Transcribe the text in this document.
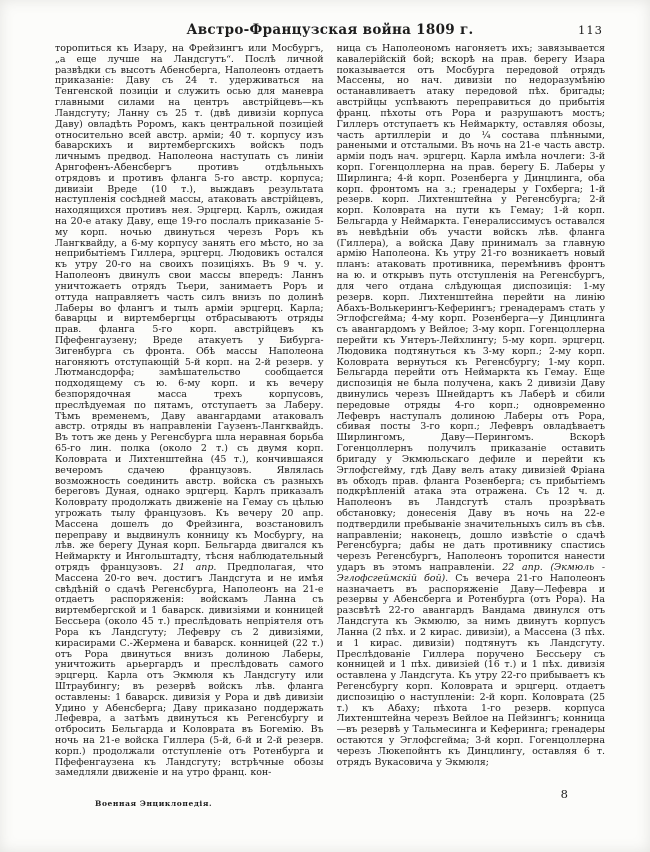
Австро-Французская война 1809 г.	113
торопиться къ Изару, на Фрейзингъ или Мосбургъ, „а еще лучше на Ландсгутъ“. Послѣ личной развѣдки съ высотъ Абенсберга, Наполеонъ отдаетъ приказаніе: Даву съ 24 т. удерживаться на Тенгенской позиціи и служить осью для маневра главными силами на центръ австрійцевъ—къ Ландсгуту; Ланну съ 25 т. (двѣ дивизіи корпуса Даву) овладѣть Роромъ, какъ центральной позиціей относительно всей австр. арміи; 40 т. корпусу изъ баварскихъ и виртембергскихъ войскъ подъ личнымъ предвод. Наполеона наступать съ линіи Арнгофенъ-Абенсбергъ противъ отдѣльныхъ отрядовъ и противъ фланга 5-го австр. корпуса; дивизіи Вреде (10 т.), выждавъ результата наступленія сосѣдней массы, атаковать австрійцевъ, находящихся противъ нея. Эрцгерц. Карлъ, ожидая на 20-е атаку Даву, еще 19-го послалъ приказаніе 5-му корп. ночью двинуться черезъ Роръ къ Лангквайду, а 6-му корпусу занять его мѣсто, но за неприбытіемъ Гиллера, эрцгерц. Людовикъ остался къ утру 20-го на своихъ позиціяхъ. Въ 9 ч. у. Наполеонъ двинулъ свои массы впередъ: Ланнъ уничтожаетъ отрядъ Тьери, занимаетъ Роръ и оттуда направляетъ часть силъ внизъ по долинѣ Лаберы во флангъ и тылъ арміи эрцгерц. Карла; баварцы и виртембергцы отбрасываютъ отряды прав. фланга 5-го корп. австрійцевъ къ Пфефенгаузену; Вреде атакуетъ у Бибурга-Зигенбурга съ фронта. Обѣ массы Наполеона нагоняютъ отступающій 5-й корп. на 2-й резерв. у Лютмансдорфа; замѣшательство сообщается подходящему съ ю. 6-му корп. и къ вечеру безпорядочная масса трехъ корпусовъ, преслѣдуемая по пятамъ, отступаетъ за Лаберу. Тѣмъ временемъ, Даву авангардами атаковалъ австр. отряды въ направленіи Гаузенъ-Лангквайдъ. Въ тотъ же день у Регенсбурга шла неравная борьба 65-го лин. полка (около 2 т.) съ двумя корп. Коловрата и Лихтенштейна (45 т.), кончившаяся вечеромъ сдачею французовъ. Являлась возможность соединить австр. войска съ разныхъ береговъ Дуная, однако эрцгерц. Карлъ приказалъ Коловрату продолжать движеніе на Гемау съ цѣлью угрожать тылу французовъ. Къ вечеру 20 апр. Массена дошелъ до Фрейзинга, возстановилъ переправу и выдвинулъ конницу къ Мосбургу, на лѣв. же берегу Дуная корп. Бельгарда двигался къ Неймаркту и Ингольштадту, тѣсня наблюдательный отрядъ французовъ. 21 апр. Предполагая, что Массена 20-го веч. достигъ Ландсгута и не имѣя свѣдѣній о сдачѣ Регенсбурга, Наполеонъ на 21-е отдаетъ распоряженія: войскамъ Ланна съ виртембергской и 1 баварск. дивизіями и конницей Бессьера (около 45 т.) преслѣдовать непріятеля отъ Рора къ Ландсгуту; Лефевру съ 2 дивизіями, кирасирами С.-Жермена и баварск. конницей (22 т.) отъ Рора двинуться внизъ долиною Лаберы, уничтожить арьергардъ и преслѣдовать самого эрцгерц. Карла отъ Экмюля къ Ландсгуту или Штраубингу; въ резервѣ войскъ лѣв. фланга оставлены: 1 баварск. дивизія у Рора и двѣ дивизіи Удино у Абенсберга; Даву приказано поддержать Лефевра, а затѣмъ двинуться къ Регенсбургу и отбросить Бельгарда и Коловрата въ Богемію. Въ ночь на 21-е войска Гиллера (5-й, 6-й и 2-й резерв. корп.) продолжали отступленіе отъ Ротенбурга и Пфефенгаузена къ Ландсгуту; встрѣчные обозы замедляли движеніе и на утро франц. кон-
ница съ Наполеономъ нагоняетъ ихъ; завязывается кавалерійскій бой; вскорѣ на прав. берегу Изара показывается отъ Мосбурга передовой отрядъ Массены, но нач. дивизіи по недоразумѣнію останавливаетъ атаку передовой пѣх. бригады; австрійцы успѣваютъ переправиться до прибытія франц. пѣхоты отъ Рора и разрушаютъ мостъ; Гиллеръ отступаетъ къ Неймаркту, оставляя обозы, часть артиллеріи и до ¼ состава плѣнными, ранеными и отсталыми. Въ ночь на 21-е часть австр. арміи подъ нач. эрцгерц. Карла имѣла ночлеги: 3-й корп. Гогенцоллерна на прав. берегу Б. Лаберы у Ширлинга; 4-й корп. Розенберга у Динцлинга, оба корп. фронтомъ на з.; гренадеры у Гохберга; 1-й резерв. корп. Лихтенштейна у Регенсбурга; 2-й корп. Коловрата на пути къ Гемау; 1-й корп. Бельгарда у Неймаркта. Генералиссимусъ оставался въ невѣдѣніи объ участи войскъ лѣв. фланга (Гиллера), а войска Даву принималъ за главную армію Наполеона. Къ утру 21-го возникаетъ новый планъ: атаковать противника, перемѣнивъ фронтъ на ю. и открывъ путь отступленія на Регенсбургъ, для чего отдана слѣдующая диспозиція: 1-му резерв. корп. Лихтенштейна перейти на линію Абахъ-Волькерингъ-Кеферингъ; гренадерамъ стать у Эглофсгейма; 4-му корп. Розенберга—у Динцлинга съ авангардомъ у Вейлое; 3-му корп. Гогенцоллерна перейти къ Унтеръ-Лейхлингу; 5-му корп. эрцгерц. Людовика подтянуться къ 3-му корп.; 2-му корп. Коловрата вернуться къ Регенсбургу; 1-му корп. Бельгарда перейти отъ Неймаркта къ Гемау. Еще диспозиція не была получена, какъ 2 дивизіи Даву двинулись черезъ Шнейдартъ къ Лаберѣ и сбили передовые отряды 4-го корп.; одновременно Лефевръ наступалъ долиною Лаберы отъ Рора, сбивая посты 3-го корп.; Лефевръ овладѣваетъ Ширлингомъ, Даву—Перингомъ. Вскорѣ Гогенцоллернъ получилъ приказаніе оставить бригаду у Экмюльскаго дефиле и перейти къ Эглофсгейму, гдѣ Даву велъ атаку дивизіей Фріана въ обходъ прав. фланга Розенберга; съ прибытіемъ подкрѣпленій атака эта отражена. Съ 12 ч. д. Наполеонъ въ Ландсгутѣ сталъ прозрѣвать обстановку; донесенія Даву въ ночь на 22-е подтвердили пребываніе значительныхъ силъ въ сѣв. направленіи; наконецъ, дошло извѣстіе о сдачѣ Регенсбурга; дабы не дать противнику спастись черезъ Регенсбургъ, Наполеонъ торопится нанести ударъ въ этомъ направленіи. 22 апр. (Экмюль - Эглофсгеймскій бой). Съ вечера 21-го Наполеонъ назначаетъ въ распоряженіе Даву—Лефевра и резервы у Абенсберга и Ротенбурга (отъ Рора). На разсвѣтѣ 22-го авангардъ Вандама двинулся отъ Ландсгута къ Экмюлю, за нимъ двинутъ корпусъ Ланна (2 пѣх. и 2 кирас. дивизіи), а Массена (3 пѣх. и 1 кирас. дивизіи) подтянутъ къ Ландсгуту. Преслѣдованіе Гиллера поручено Бессьеру съ конницей и 1 пѣх. дивизіей (16 т.) и 1 пѣх. дивизія оставлена у Ландсгута. Къ утру 22-го прибываетъ къ Регенсбургу корп. Коловрата и эрцгерц. отдаетъ диспозицію о наступленіи: 2-й корп. Коловрата (25 т.) къ Абаху; пѣхота 1-го резерв. корпуса Лихтенштейна черезъ Вейлое на Пейзингъ; конница—въ резервѣ у Тальмесинга и Кеферинга; гренадеры остаются у Эглофсгейма; 3-й корп. Гогенцоллерна черезъ Люкепойнтъ къ Динцлингу, оставляя 6 т. отрядъ Вукасовича у Экмюля;
Военная Энциклопедія.
8
